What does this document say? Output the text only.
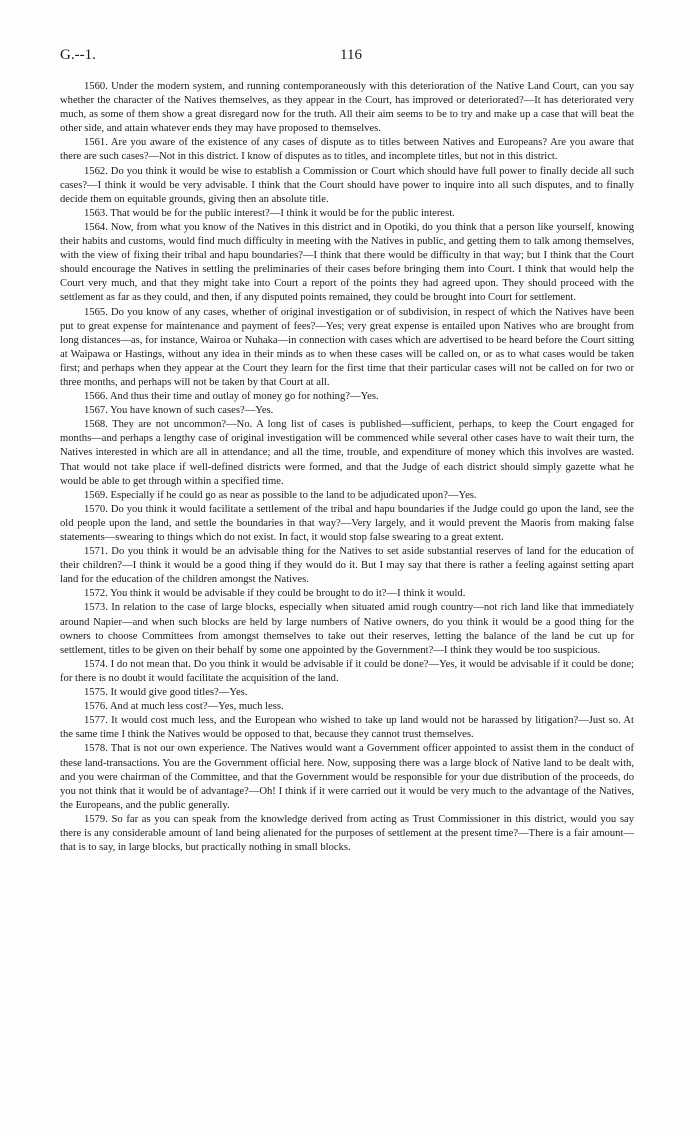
G.--1.	116

1560. Under the modern system, and running contemporaneously with this deterioration of the Native Land Court, can you say whether the character of the Natives themselves, as they appear in the Court, has improved or deteriorated?—It has deteriorated very much, as some of them show a great disregard now for the truth. All their aim seems to be to try and make up a case that will beat the other side, and attain whatever ends they may have proposed to themselves.

1561. Are you aware of the existence of any cases of dispute as to titles between Natives and Europeans? Are you aware that there are such cases?—Not in this district. I know of disputes as to titles, and incomplete titles, but not in this district.

1562. Do you think it would be wise to establish a Commission or Court which should have full power to finally decide all such cases?—I think it would be very advisable. I think that the Court should have power to inquire into all such disputes, and to finally decide them on equitable grounds, giving then an absolute title.

1563. That would be for the public interest?—I think it would be for the public interest.

1564. Now, from what you know of the Natives in this district and in Opotiki, do you think that a person like yourself, knowing their habits and customs, would find much difficulty in meeting with the Natives in public, and getting them to talk among themselves, with the view of fixing their tribal and hapu boundaries?—I think that there would be difficulty in that way; but I think that the Court should encourage the Natives in settling the preliminaries of their cases before bringing them into Court. I think that would help the Court very much, and that they might take into Court a report of the points they had agreed upon. They should proceed with the settlement as far as they could, and then, if any disputed points remained, they could be brought into Court for settlement.

1565. Do you know of any cases, whether of original investigation or of subdivision, in respect of which the Natives have been put to great expense for maintenance and payment of fees?—Yes; very great expense is entailed upon Natives who are brought from long distances—as, for instance, Wairoa or Nuhaka—in connection with cases which are advertised to be heard before the Court sitting at Waipawa or Hastings, without any idea in their minds as to when these cases will be called on, or as to what cases would be taken first; and perhaps when they appear at the Court they learn for the first time that their particular cases will not be called on for two or three months, and perhaps will not be taken by that Court at all.

1566. And thus their time and outlay of money go for nothing?—Yes.

1567. You have known of such cases?—Yes.

1568. They are not uncommon?—No. A long list of cases is published—sufficient, perhaps, to keep the Court engaged for months—and perhaps a lengthy case of original investigation will be commenced while several other cases have to wait their turn, the Natives interested in which are all in attendance; and all the time, trouble, and expenditure of money which this involves are wasted. That would not take place if well-defined districts were formed, and that the Judge of each district should simply gazette what he would be able to get through within a specified time.

1569. Especially if he could go as near as possible to the land to be adjudicated upon?—Yes.

1570. Do you think it would facilitate a settlement of the tribal and hapu boundaries if the Judge could go upon the land, see the old people upon the land, and settle the boundaries in that way?—Very largely, and it would prevent the Maoris from making false statements—swearing to things which do not exist. In fact, it would stop false swearing to a great extent.

1571. Do you think it would be an advisable thing for the Natives to set aside substantial reserves of land for the education of their children?—I think it would be a good thing if they would do it. But I may say that there is rather a feeling against setting apart land for the education of the children amongst the Natives.

1572. You think it would be advisable if they could be brought to do it?—I think it would.

1573. In relation to the case of large blocks, especially when situated amid rough country—not rich land like that immediately around Napier—and when such blocks are held by large numbers of Native owners, do you think it would be a good thing for the owners to choose Committees from amongst themselves to take out their reserves, letting the balance of the land be cut up for settlement, titles to be given on their behalf by some one appointed by the Government?—I think they would be too suspicious.

1574. I do not mean that. Do you think it would be advisable if it could be done?—Yes, it would be advisable if it could be done; for there is no doubt it would facilitate the acquisition of the land.

1575. It would give good titles?—Yes.

1576. And at much less cost?—Yes, much less.

1577. It would cost much less, and the European who wished to take up land would not be harassed by litigation?—Just so. At the same time I think the Natives would be opposed to that, because they cannot trust themselves.

1578. That is not our own experience. The Natives would want a Government officer appointed to assist them in the conduct of these land-transactions. You are the Government official here. Now, supposing there was a large block of Native land to be dealt with, and you were chairman of the Committee, and that the Government would be responsible for your due distribution of the proceeds, do you not think that it would be of advantage?—Oh! I think if it were carried out it would be very much to the advantage of the Natives, the Europeans, and the public generally.

1579. So far as you can speak from the knowledge derived from acting as Trust Commissioner in this district, would you say there is any considerable amount of land being alienated for the purposes of settlement at the present time?—There is a fair amount—that is to say, in large blocks, but practically nothing in small blocks.
